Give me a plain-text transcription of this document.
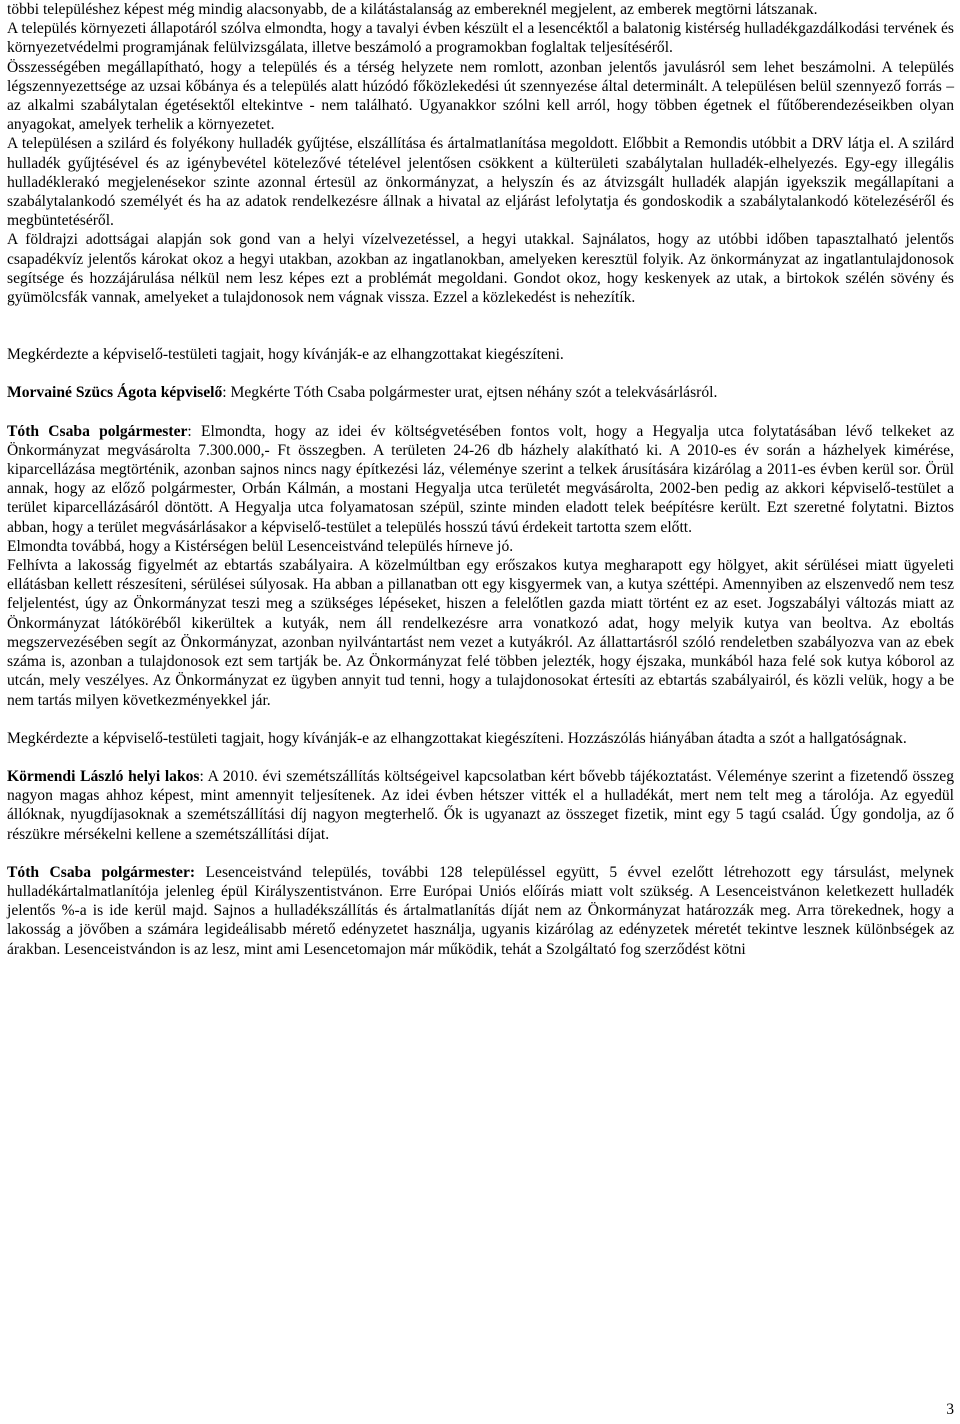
többi településhez képest még mindig alacsonyabb, de a kilátástalanság az embereknél megjelent, az emberek megtörni látszanak.

A település környezeti állapotáról szólva elmondta, hogy a tavalyi évben készült el a lesencéktől a balatonig kistérség hulladékgazdálkodási tervének és környezetvédelmi programjának felülvizsgálata, illetve beszámoló a programokban foglaltak teljesítéséről.

Összességében megállapítható, hogy a település és a térség helyzete nem romlott, azonban jelentős javulásról sem lehet beszámolni. A település légszennyezettsége az uzsai kőbánya és a település alatt húzódó főközlekedési út szennyezése által determinált. A településen belül szennyező forrás – az alkalmi szabálytalan égetésektől eltekintve - nem található. Ugyanakkor szólni kell arról, hogy többen égetnek el fűtőberendezéseikben olyan anyagokat, amelyek terhelik a környezetet.

A településen a szilárd és folyékony hulladék gyűjtése, elszállítása és ártalmatlanítása megoldott. Előbbit a Remondis utóbbit a DRV látja el. A szilárd hulladék gyűjtésével és az igénybevétel kötelezővé tételével jelentősen csökkent a külterületi szabálytalan hulladék-elhelyezés. Egy-egy illegális hulladéklerakó megjelenésekor szinte azonnal értesül az önkormányzat, a helyszín és az átvizsgált hulladék alapján igyekszik megállapítani a szabálytalankodó személyét és ha az adatok rendelkezésre állnak a hivatal az eljárást lefolytatja és gondoskodik a szabálytalankodó kötelezéséről és megbüntetéséről.

A földrajzi adottságai alapján sok gond van a helyi vízelvezetéssel, a hegyi utakkal. Sajnálatos, hogy az utóbbi időben tapasztalható jelentős csapadékvíz jelentős károkat okoz a hegyi utakban, azokban az ingatlanokban, amelyeken keresztül folyik. Az önkormányzat az ingatlantulajdonosok segítsége és hozzájárulása nélkül nem lesz képes ezt a problémát megoldani. Gondot okoz, hogy keskenyek az utak, a birtokok szélén sövény és gyümölcsfák vannak, amelyeket a tulajdonosok nem vágnak vissza. Ezzel a közlekedést is nehezítík.

Megkérdezte a képviselő-testületi tagjait, hogy kívánják-e az elhangzottakat kiegészíteni.

Morvainé Szücs Ágota képviselő: Megkérte Tóth Csaba polgármester urat, ejtsen néhány szót a telekvásárlásról.

Tóth Csaba polgármester: Elmondta, hogy az idei év költségvetésében fontos volt, hogy a Hegyalja utca folytatásában lévő telkeket az Önkormányzat megvásárolta 7.300.000,- Ft összegben. A területen 24-26 db házhely alakítható ki. A 2010-es év során a házhelyek kimérése, kiparcellázása megtörténik, azonban sajnos nincs nagy építkezési láz, véleménye szerint a telkek árusítására kizárólag a 2011-es évben kerül sor. Örül annak, hogy az előző polgármester, Orbán Kálmán, a mostani Hegyalja utca területét megvásárolta, 2002-ben pedig az akkori képviselő-testület a terület kiparcellázásáról döntött. A Hegyalja utca folyamatosan szépül, szinte minden eladott telek beépítésre került. Ezt szeretné folytatni. Biztos abban, hogy a terület megvásárlásakor a képviselő-testület a település hosszú távú érdekeit tartotta szem előtt.

Elmondta továbbá, hogy a Kistérségen belül Lesenceistvánd település hírneve jó.

Felhívta a lakosság figyelmét az ebtartás szabályaira. A közelmúltban egy erőszakos kutya megharapott egy hölgyet, akit sérülései miatt ügyeleti ellátásban kellett részesíteni, sérülései súlyosak. Ha abban a pillanatban ott egy kisgyermek van, a kutya széttépi. Amennyiben az elszenvedő nem tesz feljelentést, úgy az Önkormányzat teszi meg a szükséges lépéseket, hiszen a felelőtlen gazda miatt történt ez az eset. Jogszabályi változás miatt az Önkormányzat látóköréből kikerültek a kutyák, nem áll rendelkezésre arra vonatkozó adat, hogy melyik kutya van beoltva. Az eboltás megszervezésében segít az Önkormányzat, azonban nyilvántartást nem vezet a kutyákról. Az állattartásról szóló rendeletben szabályozva van az ebek száma is, azonban a tulajdonosok ezt sem tartják be. Az Önkormányzat felé többen jelezték, hogy éjszaka, munkából haza felé sok kutya kóborol az utcán, mely veszélyes. Az Önkormányzat ez ügyben annyit tud tenni, hogy a tulajdonosokat értesíti az ebtartás szabályairól, és közli velük, hogy a be nem tartás milyen következményekkel jár.

Megkérdezte a képviselő-testületi tagjait, hogy kívánják-e az elhangzottakat kiegészíteni. Hozzászólás hiányában átadta a szót a hallgatóságnak.

Körmendi László helyi lakos: A 2010. évi szemétszállítás költségeivel kapcsolatban kért bővebb tájékoztatást. Véleménye szerint a fizetendő összeg nagyon magas ahhoz képest, mint amennyit teljesítenek. Az idei évben hétszer vitték el a hulladékát, mert nem telt meg a tárolója. Az egyedül állóknak, nyugdíjasoknak a szemétszállítási díj nagyon megterhelő. Ők is ugyanazt az összeget fizetik, mint egy 5 tagú család. Úgy gondolja, az ő részükre mérsékelni kellene a szemétszállítási díjat.

Tóth Csaba polgármester: Lesenceistvánd település, további 128 településsel együtt, 5 évvel ezelőtt létrehozott egy társulást, melynek hulladékártalmatlanítója jelenleg épül Királyszentistvánon. Erre Európai Uniós előírás miatt volt szükség. A Lesenceistvánon keletkezett hulladék jelentős %-a is ide kerül majd. Sajnos a hulladékszállítás és ártalmatlanítás díját nem az Önkormányzat határozzák meg. Arra törekednek, hogy a lakosság a jövőben a számára legideálisabb mérető edényzetet használja, ugyanis kizárólag az edényzetek méretét tekintve lesznek különbségek az árakban. Lesenceistvándon is az lesz, mint ami Lesencetomajon már működik, tehát a Szolgáltató fog szerződést kötni

3
